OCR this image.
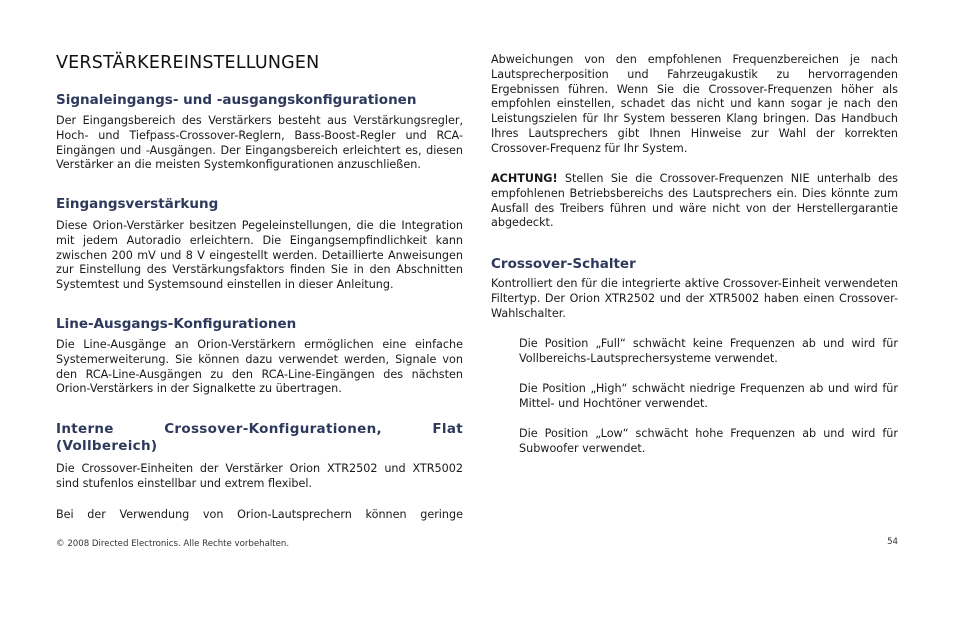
VERSTÄRKEREINSTELLUNGEN
Signaleingangs- und -ausgangskonfigurationen

Der Eingangsbereich des Verstärkers besteht aus Verstärkungsregler, Hoch- und Tiefpass-Crossover-Reglern, Bass-Boost-Regler und RCA-Eingängen und -Ausgängen. Der Eingangsbereich erleichtert es, diesen Verstärker an die meisten Systemkonfigurationen anzuschließen.

Eingangsverstärkung

Diese Orion-Verstärker besitzen Pegeleinstellungen, die die Integration mit jedem Autoradio erleichtern. Die Eingangsempfindlichkeit kann zwischen 200 mV und 8 V eingestellt werden. Detaillierte Anweisungen zur Einstellung des Verstärkungsfaktors finden Sie in den Abschnitten Systemtest und Systemsound einstellen in dieser Anleitung.

Line-Ausgangs-Konfigurationen

Die Line-Ausgänge an Orion-Verstärkern ermöglichen eine einfache Systemerweiterung. Sie können dazu verwendet werden, Signale von den RCA-Line-Ausgängen zu den RCA-Line-Eingängen des nächsten Orion-Verstärkers in der Signalkette zu übertragen.

Interne Crossover-Konfigurationen, Flat (Vollbereich)

Die Crossover-Einheiten der Verstärker Orion XTR2502 und XTR5002 sind stufenlos einstellbar und extrem flexibel.

Bei der Verwendung von Orion-Lautsprechern können geringe

Abweichungen von den empfohlenen Frequenzbereichen je nach Lautsprecherposition und Fahrzeugakustik zu hervorragenden Ergebnissen führen. Wenn Sie die Crossover-Frequenzen höher als empfohlen einstellen, schadet das nicht und kann sogar je nach den Leistungszielen für Ihr System besseren Klang bringen. Das Handbuch Ihres Lautsprechers gibt Ihnen Hinweise zur Wahl der korrekten Crossover-Frequenz für Ihr System.

ACHTUNG! Stellen Sie die Crossover-Frequenzen NIE unterhalb des empfohlenen Betriebsbereichs des Lautsprechers ein. Dies könnte zum Ausfall des Treibers führen und wäre nicht von der Herstellergarantie abgedeckt.

Crossover-Schalter

Kontrolliert den für die integrierte aktive Crossover-Einheit verwendeten Filtertyp. Der Orion XTR2502 und der XTR5002 haben einen Crossover-Wahlschalter.

Die Position „Full“ schwächt keine Frequenzen ab und wird für Vollbereichs-Lautsprechersysteme verwendet.

Die Position „High“ schwächt niedrige Frequenzen ab und wird für Mittel- und Hochtöner verwendet.

Die Position „Low“ schwächt hohe Frequenzen ab und wird für Subwoofer verwendet.

© 2008 Directed Electronics. Alle Rechte vorbehalten.	54
